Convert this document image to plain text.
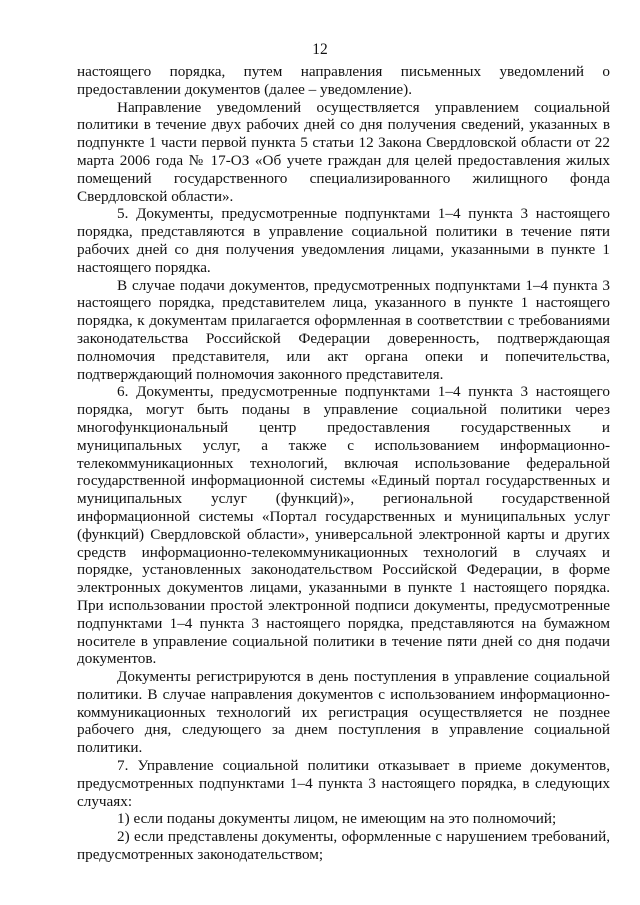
12

настоящего порядка, путем направления письменных уведомлений о предоставлении документов (далее – уведомление).

Направление уведомлений осуществляется управлением социальной политики в течение двух рабочих дней со дня получения сведений, указанных в подпункте 1 части первой пункта 5 статьи 12 Закона Свердловской области от 22 марта 2006 года № 17-ОЗ «Об учете граждан для целей предоставления жилых помещений государственного специализированного жилищного фонда Свердловской области».

5. Документы, предусмотренные подпунктами 1–4 пункта 3 настоящего порядка, представляются в управление социальной политики в течение пяти рабочих дней со дня получения уведомления лицами, указанными в пункте 1 настоящего порядка.

В случае подачи документов, предусмотренных подпунктами 1–4 пункта 3 настоящего порядка, представителем лица, указанного в пункте 1 настоящего порядка, к документам прилагается оформленная в соответствии с требованиями законодательства Российской Федерации доверенность, подтверждающая полномочия представителя, или акт органа опеки и попечительства, подтверждающий полномочия законного представителя.

6. Документы, предусмотренные подпунктами 1–4 пункта 3 настоящего порядка, могут быть поданы в управление социальной политики через многофункциональный центр предоставления государственных и муниципальных услуг, а также с использованием информационно-телекоммуникационных технологий, включая использование федеральной государственной информационной системы «Единый портал государственных и муниципальных услуг (функций)», региональной государственной информационной системы «Портал государственных и муниципальных услуг (функций) Свердловской области», универсальной электронной карты и других средств информационно-телекоммуникационных технологий в случаях и порядке, установленных законодательством Российской Федерации, в форме электронных документов лицами, указанными в пункте 1 настоящего порядка. При использовании простой электронной подписи документы, предусмотренные подпунктами 1–4 пункта 3 настоящего порядка, представляются на бумажном носителе в управление социальной политики в течение пяти дней со дня подачи документов.

Документы регистрируются в день поступления в управление социальной политики. В случае направления документов с использованием информационно-коммуникационных технологий их регистрация осуществляется не позднее рабочего дня, следующего за днем поступления в управление социальной политики.

7. Управление социальной политики отказывает в приеме документов, предусмотренных подпунктами 1–4 пункта 3 настоящего порядка, в следующих случаях:

1) если поданы документы лицом, не имеющим на это полномочий;

2) если представлены документы, оформленные с нарушением требований, предусмотренных законодательством;
